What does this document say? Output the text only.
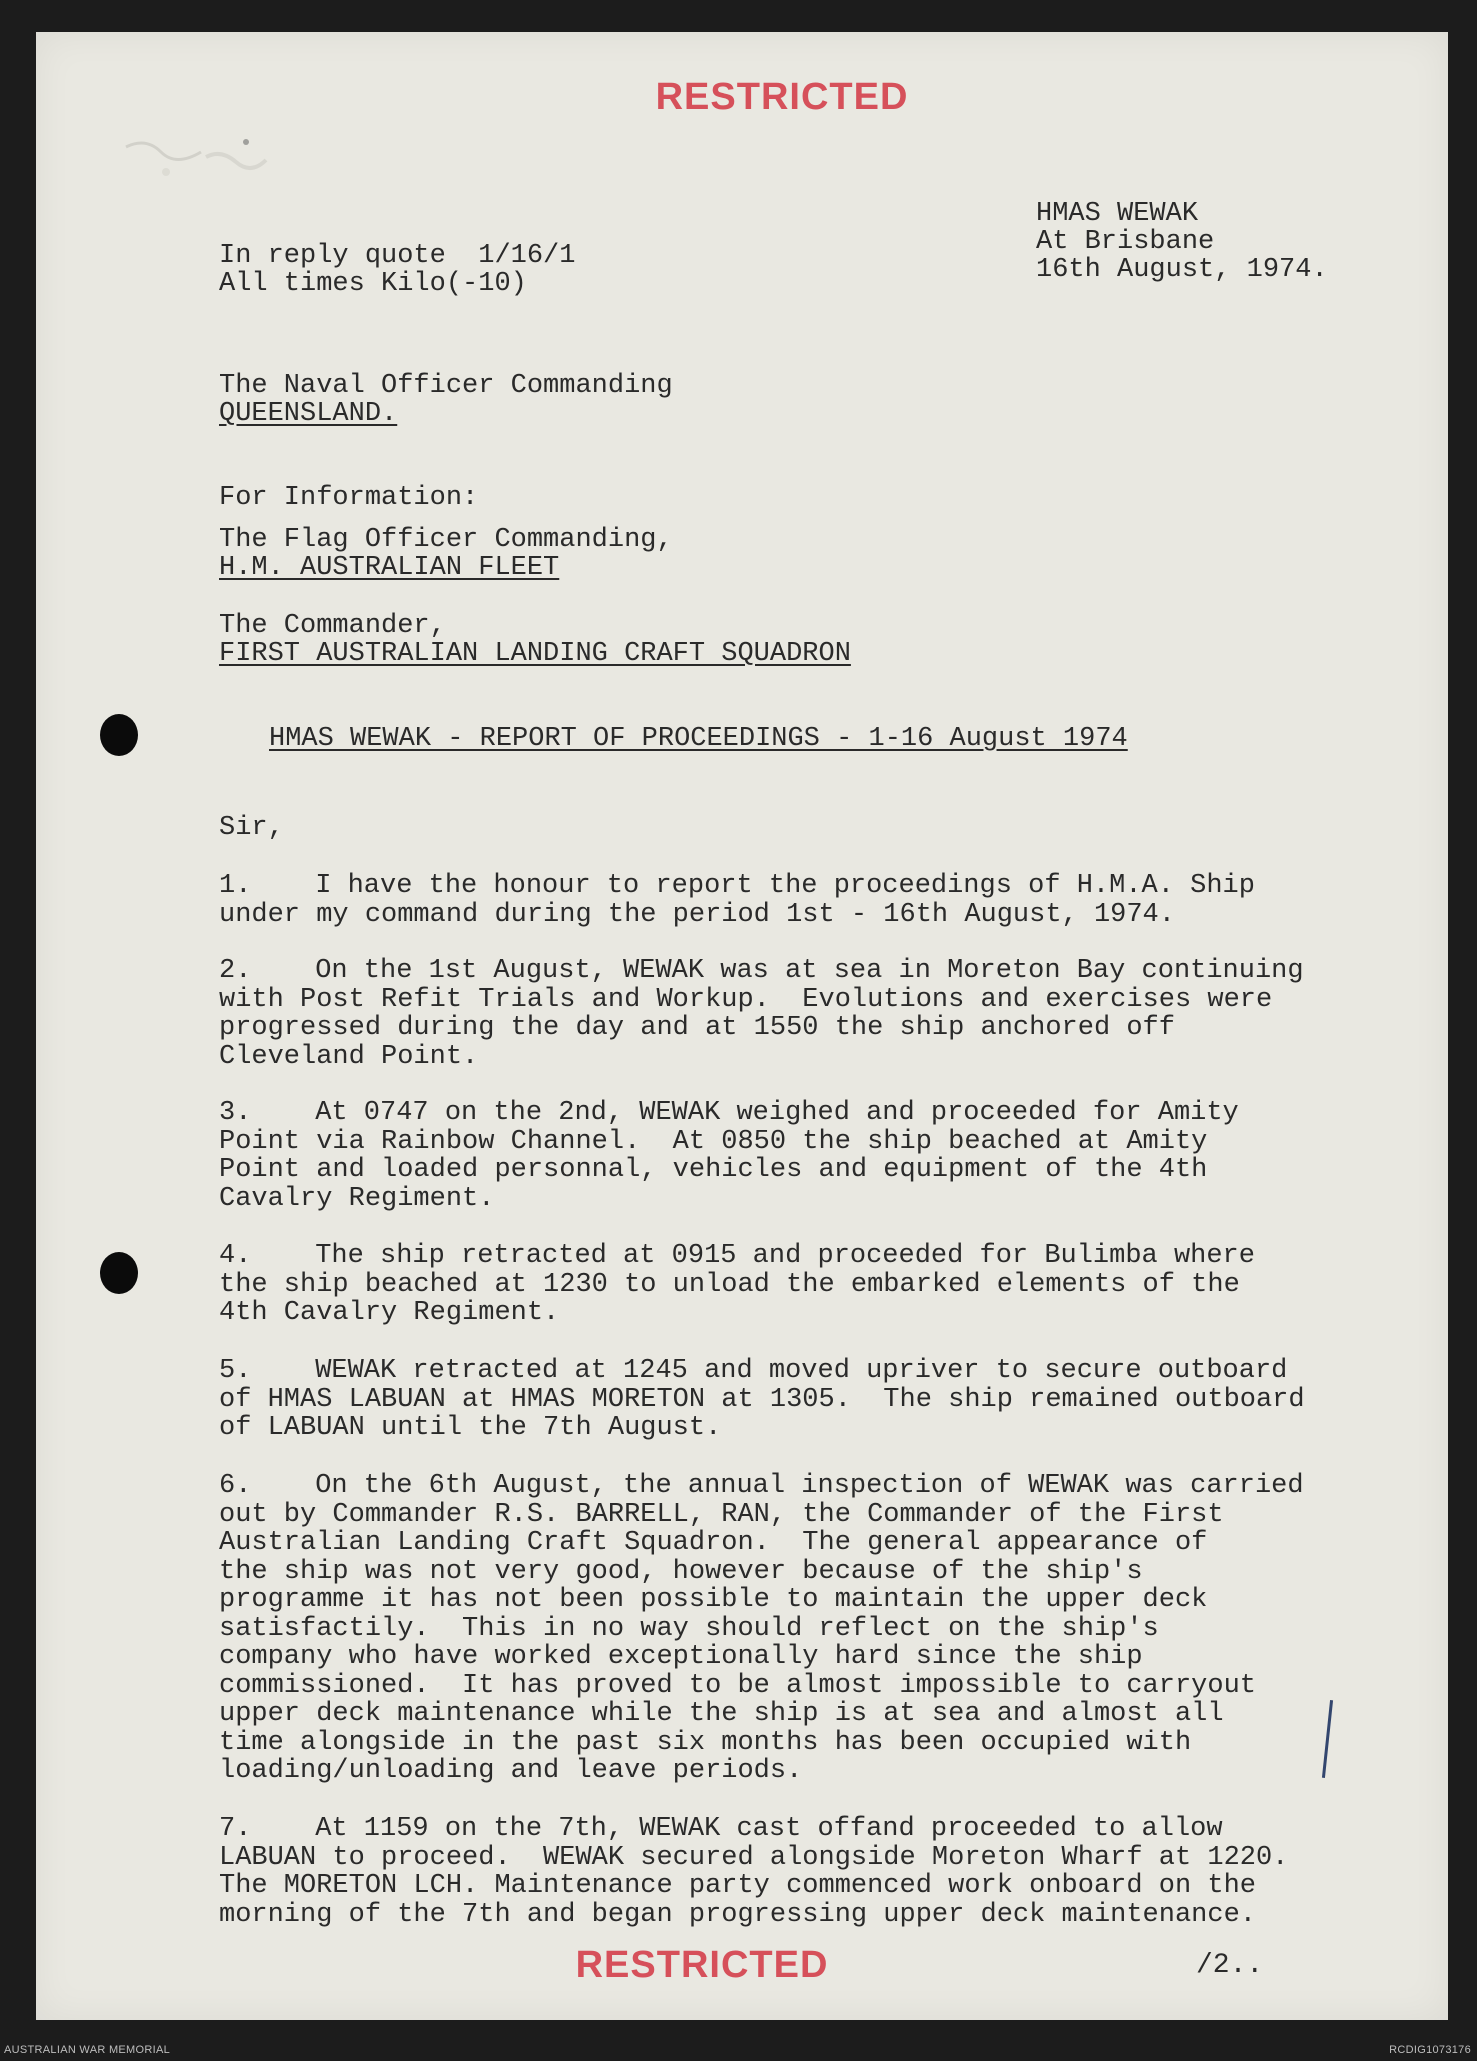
RESTRICTED
HMAS WEWAK
At Brisbane
16th August, 1974.
In reply quote  1/16/1
All times Kilo(-10)
The Naval Officer Commanding
QUEENSLAND.
For Information:
The Flag Officer Commanding,
H.M. AUSTRALIAN FLEET
The Commander,
FIRST AUSTRALIAN LANDING CRAFT SQUADRON
HMAS WEWAK - REPORT OF PROCEEDINGS - 1-16 August 1974
Sir,
1. I have the honour to report the proceedings of H.M.A. Ship
under my command during the period 1st - 16th August, 1974.
2. On the 1st August, WEWAK was at sea in Moreton Bay continuing
with Post Refit Trials and Workup.  Evolutions and exercises were
progressed during the day and at 1550 the ship anchored off
Cleveland Point.
3. At 0747 on the 2nd, WEWAK weighed and proceeded for Amity
Point via Rainbow Channel.  At 0850 the ship beached at Amity
Point and loaded personnal, vehicles and equipment of the 4th
Cavalry Regiment.
4. The ship retracted at 0915 and proceeded for Bulimba where
the ship beached at 1230 to unload the embarked elements of the
4th Cavalry Regiment.
5. WEWAK retracted at 1245 and moved upriver to secure outboard
of HMAS LABUAN at HMAS MORETON at 1305.  The ship remained outboard
of LABUAN until the 7th August.
6. On the 6th August, the annual inspection of WEWAK was carried
out by Commander R.S. BARRELL, RAN, the Commander of the First
Australian Landing Craft Squadron.  The general appearance of
the ship was not very good, however because of the ship's
programme it has not been possible to maintain the upper deck
satisfactily.  This in no way should reflect on the ship's
company who have worked exceptionally hard since the ship
commissioned.  It has proved to be almost impossible to carryout
upper deck maintenance while the ship is at sea and almost all
time alongside in the past six months has been occupied with
loading/unloading and leave periods.
7. At 1159 on the 7th, WEWAK cast offand proceeded to allow
LABUAN to proceed.  WEWAK secured alongside Moreton Wharf at 1220.
The MORETON LCH. Maintenance party commenced work onboard on the
morning of the 7th and began progressing upper deck maintenance.
RESTRICTED	/2..
AUSTRALIAN WAR MEMORIAL	RCDIG1073176
